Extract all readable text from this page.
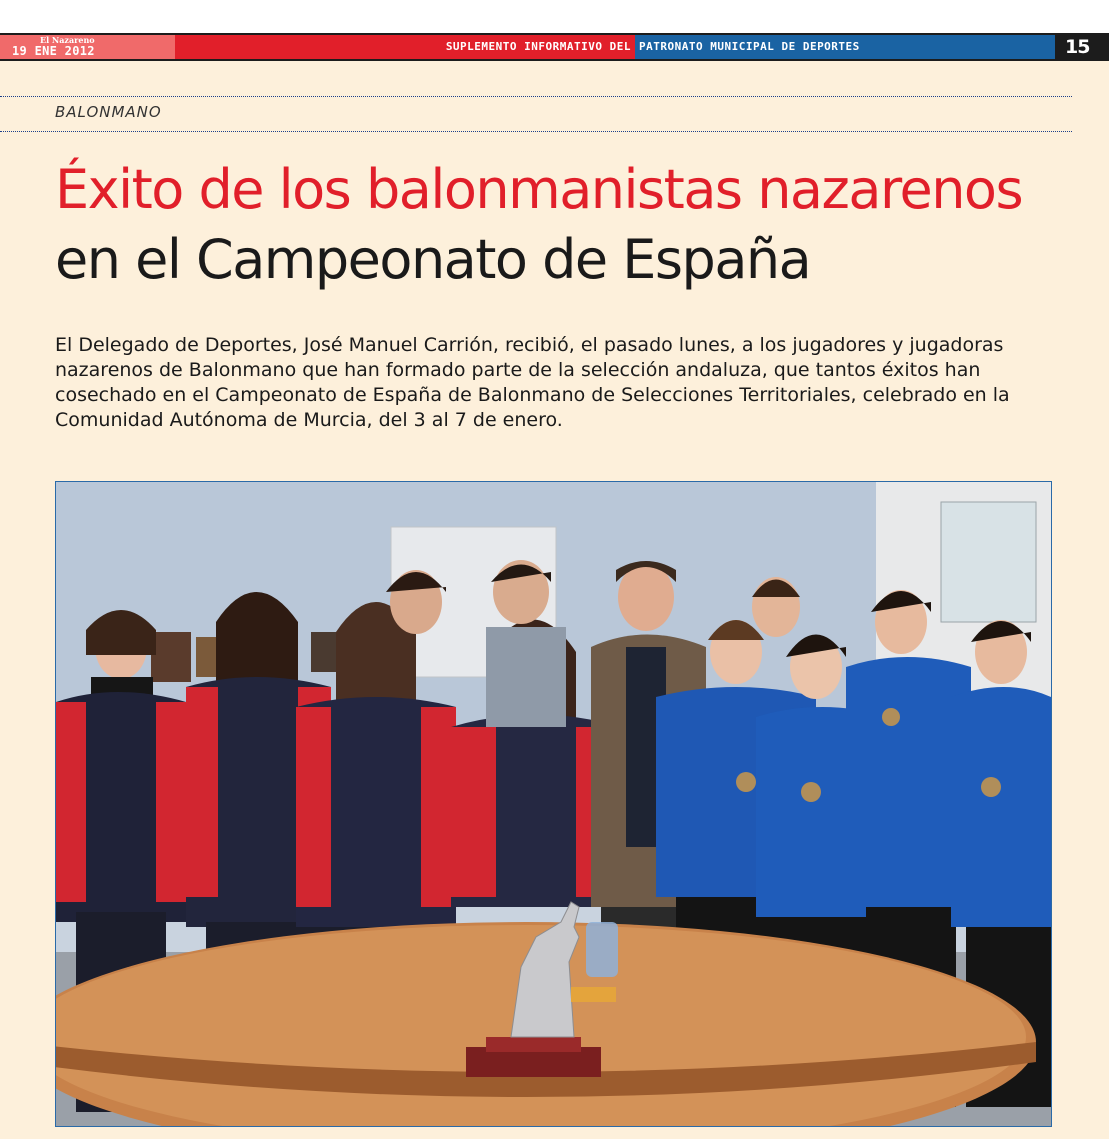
El Nazareno
19 ENE 2012	SUPLEMENTO INFORMATIVO DEL PATRONATO MUNICIPAL DE DEPORTES	15
BALONMANO
Éxito de los balonmanistas nazarenos
en el Campeonato de España
El Delegado de Deportes, José Manuel Carrión, recibió, el pasado lunes, a los jugadores y jugadoras nazarenos de Balonmano que han formado parte de la selección andaluza, que tantos éxitos han cosechado en el Campeonato de España de Balonmano de Selecciones Territoriales, celebrado en la Comunidad Autónoma de Murcia, del 3 al 7 de enero.
